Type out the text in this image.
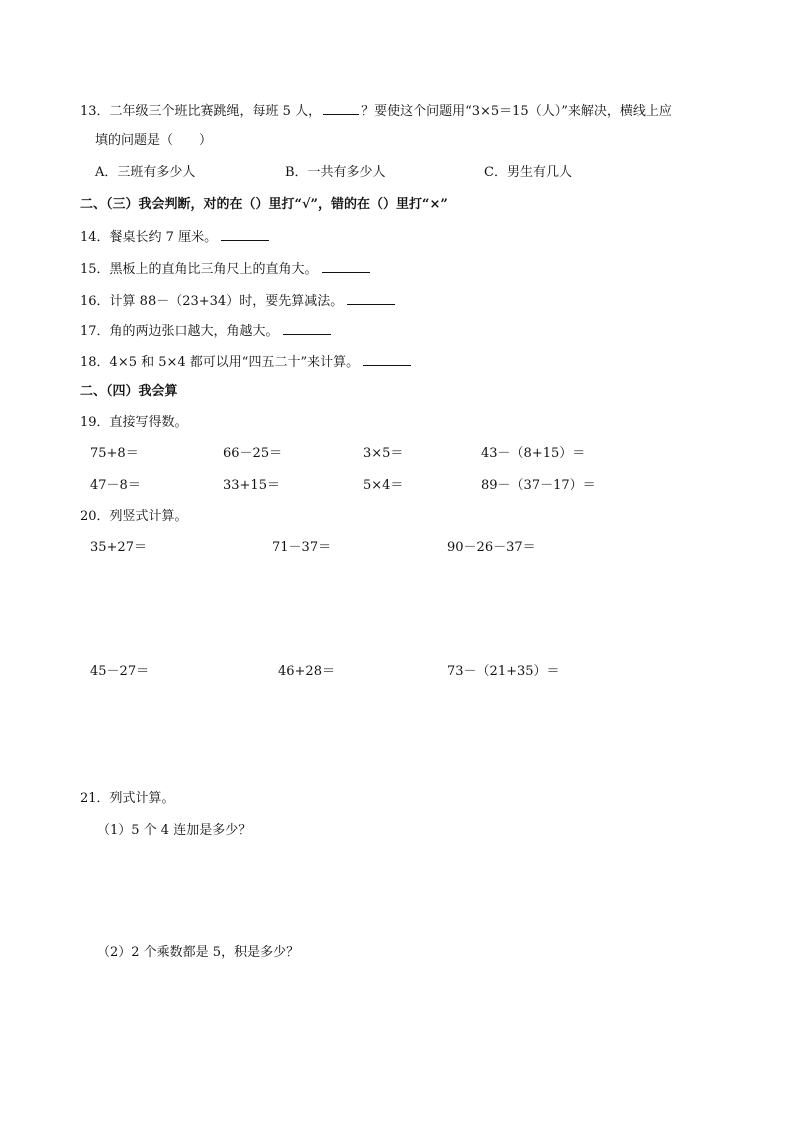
13．二年级三个班比赛跳绳，每班 5 人，	？要使这个问题用“3×5＝15（人）”来解决，横线上应
填的问题是（　　）
A．三班有多少人	B．一共有多少人	C．男生有几人
二、（三）我会判断，对的在（）里打“√”，错的在（）里打“×”
14．餐桌长约 7 厘米。
15．黑板上的直角比三角尺上的直角大。
16．计算 88－（23+34）时，要先算减法。
17．角的两边张口越大，角越大。
18．4×5 和 5×4 都可以用“四五二十”来计算。
二、（四）我会算
19．直接写得数。
75+8＝	66－25＝	3×5＝	43－（8+15）＝
47－8＝	33+15＝	5×4＝	89－（37－17）＝
20．列竖式计算。
35+27＝	71－37＝	90－26－37＝
45－27＝	46+28＝	73－（21+35）＝
21．列式计算。
（1）5 个 4 连加是多少？
（2）2 个乘数都是 5，积是多少？
